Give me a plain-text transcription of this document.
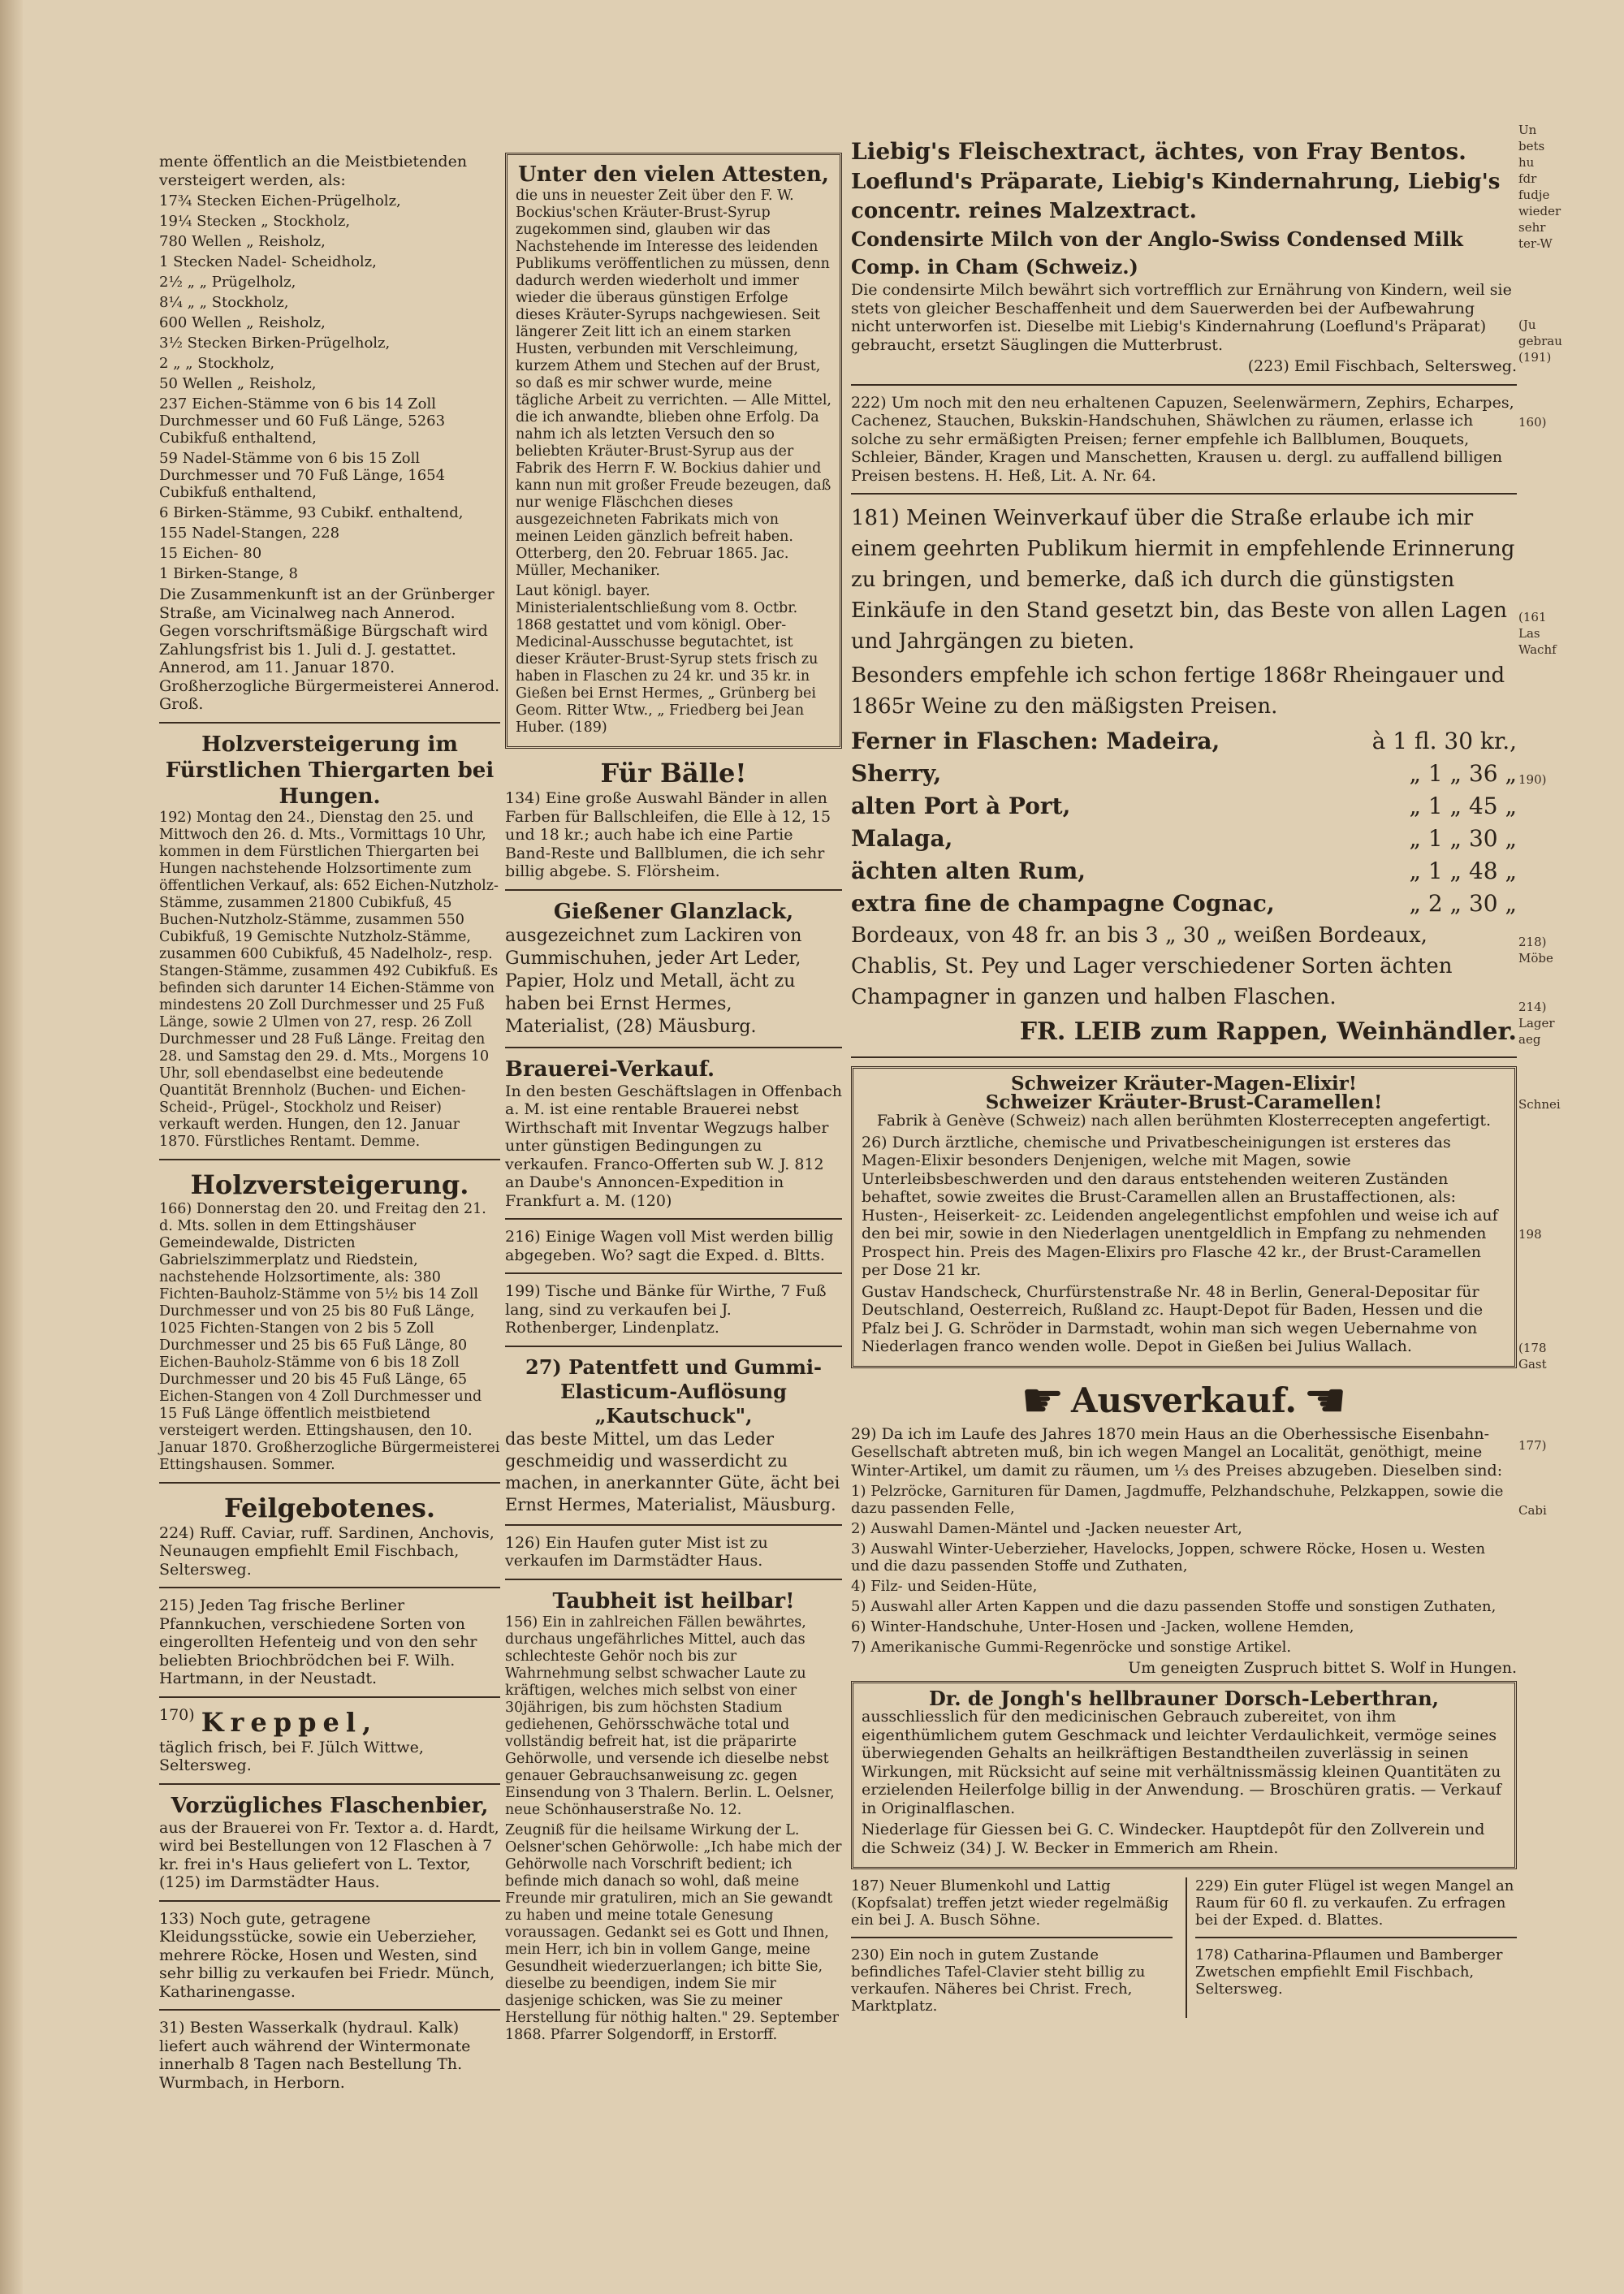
mente öffentlich an die Meistbietenden versteigert werden, als:

17¾ Stecken Eichen-Prügelholz,

19¼ Stecken „ Stockholz,

780 Wellen „ Reisholz,

1 Stecken Nadel- Scheidholz,

2½ „ „ Prügelholz,

8¼ „ „ Stockholz,

600 Wellen „ Reisholz,

3½ Stecken Birken-Prügelholz,

2 „ „ Stockholz,

50 Wellen „ Reisholz,

237 Eichen-Stämme von 6 bis 14 Zoll Durchmesser und 60 Fuß Länge, 5263 Cubikfuß enthaltend,

59 Nadel-Stämme von 6 bis 15 Zoll Durchmesser und 70 Fuß Länge, 1654 Cubikfuß enthaltend,

6 Birken-Stämme, 93 Cubikf. enthaltend,

155 Nadel-Stangen, 228

15 Eichen- 80

1 Birken-Stange, 8

Die Zusammenkunft ist an der Grünberger Straße, am Vicinalweg nach Annerod. Gegen vorschriftsmäßige Bürgschaft wird Zahlungsfrist bis 1. Juli d. J. gestattet. Annerod, am 11. Januar 1870. Großherzogliche Bürgermeisterei Annerod. Groß.

Holzversteigerung im Fürstlichen Thiergarten bei Hungen.

192) Montag den 24., Dienstag den 25. und Mittwoch den 26. d. Mts., Vormittags 10 Uhr, kommen in dem Fürstlichen Thiergarten bei Hungen nachstehende Holzsortimente zum öffentlichen Verkauf, als: 652 Eichen-Nutzholz-Stämme, zusammen 21800 Cubikfuß, 45 Buchen-Nutzholz-Stämme, zusammen 550 Cubikfuß, 19 Gemischte Nutzholz-Stämme, zusammen 600 Cubikfuß, 45 Nadelholz-, resp. Stangen-Stämme, zusammen 492 Cubikfuß. Es befinden sich darunter 14 Eichen-Stämme von mindestens 20 Zoll Durchmesser und 25 Fuß Länge, sowie 2 Ulmen von 27, resp. 26 Zoll Durchmesser und 28 Fuß Länge. Freitag den 28. und Samstag den 29. d. Mts., Morgens 10 Uhr, soll ebendaselbst eine bedeutende Quantität Brennholz (Buchen- und Eichen-Scheid-, Prügel-, Stockholz und Reiser) verkauft werden. Hungen, den 12. Januar 1870. Fürstliches Rentamt. Demme.

Holzversteigerung.

166) Donnerstag den 20. und Freitag den 21. d. Mts. sollen in dem Ettingshäuser Gemeindewalde, Districten Gabrielszimmerplatz und Riedstein, nachstehende Holzsortimente, als: 380 Fichten-Bauholz-Stämme von 5½ bis 14 Zoll Durchmesser und von 25 bis 80 Fuß Länge, 1025 Fichten-Stangen von 2 bis 5 Zoll Durchmesser und 25 bis 65 Fuß Länge, 80 Eichen-Bauholz-Stämme von 6 bis 18 Zoll Durchmesser und 20 bis 45 Fuß Länge, 65 Eichen-Stangen von 4 Zoll Durchmesser und 15 Fuß Länge öffentlich meistbietend versteigert werden. Ettingshausen, den 10. Januar 1870. Großherzogliche Bürgermeisterei Ettingshausen. Sommer.

Feilgebotenes.

224) Ruff. Caviar, ruff. Sardinen, Anchovis, Neunaugen empfiehlt Emil Fischbach, Seltersweg.

215) Jeden Tag frische Berliner Pfannkuchen, verschiedene Sorten von eingerollten Hefenteig und von den sehr beliebten Briochbrödchen bei F. Wilh. Hartmann, in der Neustadt.

170) Kreppel,

täglich frisch, bei F. Jülch Wittwe, Seltersweg.

Vorzügliches Flaschenbier,

aus der Brauerei von Fr. Textor a. d. Hardt, wird bei Bestellungen von 12 Flaschen à 7 kr. frei in's Haus geliefert von L. Textor, (125) im Darmstädter Haus.

133) Noch gute, getragene Kleidungsstücke, sowie ein Ueberzieher, mehrere Röcke, Hosen und Westen, sind sehr billig zu verkaufen bei Friedr. Münch, Katharinengasse.

31) Besten Wasserkalk (hydraul. Kalk) liefert auch während der Wintermonate innerhalb 8 Tagen nach Bestellung Th. Wurmbach, in Herborn.

Unter den vielen Attesten,

die uns in neuester Zeit über den F. W. Bockius'schen Kräuter-Brust-Syrup zugekommen sind, glauben wir das Nachstehende im Interesse des leidenden Publikums veröffentlichen zu müssen, denn dadurch werden wiederholt und immer wieder die überaus günstigen Erfolge dieses Kräuter-Syrups nachgewiesen. Seit längerer Zeit litt ich an einem starken Husten, verbunden mit Verschleimung, kurzem Athem und Stechen auf der Brust, so daß es mir schwer wurde, meine tägliche Arbeit zu verrichten. — Alle Mittel, die ich anwandte, blieben ohne Erfolg. Da nahm ich als letzten Versuch den so beliebten Kräuter-Brust-Syrup aus der Fabrik des Herrn F. W. Bockius dahier und kann nun mit großer Freude bezeugen, daß nur wenige Fläschchen dieses ausgezeichneten Fabrikats mich von meinen Leiden gänzlich befreit haben. Otterberg, den 20. Februar 1865. Jac. Müller, Mechaniker.

Laut königl. bayer. Ministerialentschließung vom 8. Octbr. 1868 gestattet und vom königl. Ober-Medicinal-Ausschusse begutachtet, ist dieser Kräuter-Brust-Syrup stets frisch zu haben in Flaschen zu 24 kr. und 35 kr. in Gießen bei Ernst Hermes, „ Grünberg bei Geom. Ritter Wtw., „ Friedberg bei Jean Huber. (189)

Für Bälle!

134) Eine große Auswahl Bänder in allen Farben für Ballschleifen, die Elle à 12, 15 und 18 kr.; auch habe ich eine Partie Band-Reste und Ballblumen, die ich sehr billig abgebe. S. Flörsheim.

Gießener Glanzlack,

ausgezeichnet zum Lackiren von Gummischuhen, jeder Art Leder, Papier, Holz und Metall, ächt zu haben bei Ernst Hermes, Materialist, (28) Mäusburg.

Brauerei-Verkauf.

In den besten Geschäftslagen in Offenbach a. M. ist eine rentable Brauerei nebst Wirthschaft mit Inventar Wegzugs halber unter günstigen Bedingungen zu verkaufen. Franco-Offerten sub W. J. 812 an Daube's Annoncen-Expedition in Frankfurt a. M. (120)

216) Einige Wagen voll Mist werden billig abgegeben. Wo? sagt die Exped. d. Bltts.

199) Tische und Bänke für Wirthe, 7 Fuß lang, sind zu verkaufen bei J. Rothenberger, Lindenplatz.

27) Patentfett und Gummi-Elasticum-Auflösung „Kautschuck",

das beste Mittel, um das Leder geschmeidig und wasserdicht zu machen, in anerkannter Güte, ächt bei Ernst Hermes, Materialist, Mäusburg.

126) Ein Haufen guter Mist ist zu verkaufen im Darmstädter Haus.

Taubheit ist heilbar!

156) Ein in zahlreichen Fällen bewährtes, durchaus ungefährliches Mittel, auch das schlechteste Gehör noch bis zur Wahrnehmung selbst schwacher Laute zu kräftigen, welches mich selbst von einer 30jährigen, bis zum höchsten Stadium gediehenen, Gehörsschwäche total und vollständig befreit hat, ist die präparirte Gehörwolle, und versende ich dieselbe nebst genauer Gebrauchsanweisung zc. gegen Einsendung von 3 Thalern. Berlin. L. Oelsner, neue Schönhauserstraße No. 12.

Zeugniß für die heilsame Wirkung der L. Oelsner'schen Gehörwolle: „Ich habe mich der Gehörwolle nach Vorschrift bedient; ich befinde mich danach so wohl, daß meine Freunde mir gratuliren, mich an Sie gewandt zu haben und meine totale Genesung voraussagen. Gedankt sei es Gott und Ihnen, mein Herr, ich bin in vollem Gange, meine Gesundheit wiederzuerlangen; ich bitte Sie, dieselbe zu beendigen, indem Sie mir dasjenige schicken, was Sie zu meiner Herstellung für nöthig halten." 29. September 1868. Pfarrer Solgendorff, in Erstorff.

Liebig's Fleischextract, ächtes, von Fray Bentos.
Loeflund's Präparate, Liebig's Kindernahrung, Liebig's concentr. reines Malzextract.
Condensirte Milch von der Anglo-Swiss Condensed Milk Comp. in Cham (Schweiz.)

Die condensirte Milch bewährt sich vortrefflich zur Ernährung von Kindern, weil sie stets von gleicher Beschaffenheit und dem Sauerwerden bei der Aufbewahrung nicht unterworfen ist. Dieselbe mit Liebig's Kindernahrung (Loeflund's Präparat) gebraucht, ersetzt Säuglingen die Mutterbrust.

(223) Emil Fischbach, Seltersweg.

222) Um noch mit den neu erhaltenen Capuzen, Seelenwärmern, Zephirs, Echarpes, Cachenez, Stauchen, Bukskin-Handschuhen, Shäwlchen zu räumen, erlasse ich solche zu sehr ermäßigten Preisen; ferner empfehle ich Ballblumen, Bouquets, Schleier, Bänder, Kragen und Manschetten, Krausen u. dergl. zu auffallend billigen Preisen bestens. H. Heß, Lit. A. Nr. 64.

181) Meinen Weinverkauf über die Straße erlaube ich mir einem geehrten Publikum hiermit in empfehlende Erinnerung zu bringen, und bemerke, daß ich durch die günstigsten Einkäufe in den Stand gesetzt bin, das Beste von allen Lagen und Jahrgängen zu bieten.

Besonders empfehle ich schon fertige 1868r Rheingauer und 1865r Weine zu den mäßigsten Preisen.

Ferner in Flaschen: Madeira,	à 1 fl. 30 kr.,
Sherry,	„ 1 „ 36 „
alten Port à Port,	„ 1 „ 45 „
Malaga,	„ 1 „ 30 „
ächten alten Rum,	„ 1 „ 48 „
extra fine de champagne Cognac,	„ 2 „ 30 „

Bordeaux, von 48 fr. an bis 3 „ 30 „ weißen Bordeaux, Chablis, St. Pey und Lager verschiedener Sorten ächten Champagner in ganzen und halben Flaschen.

FR. LEIB zum Rappen, Weinhändler.

Schweizer Kräuter-Magen-Elixir!
Schweizer Kräuter-Brust-Caramellen!

Fabrik à Genève (Schweiz) nach allen berühmten Klosterrecepten angefertigt.

26) Durch ärztliche, chemische und Privatbescheinigungen ist ersteres das Magen-Elixir besonders Denjenigen, welche mit Magen, sowie Unterleibsbeschwerden und den daraus entstehenden weiteren Zuständen behaftet, sowie zweites die Brust-Caramellen allen an Brustaffectionen, als: Husten-, Heiserkeit- zc. Leidenden angelegentlichst empfohlen und weise ich auf den bei mir, sowie in den Niederlagen unentgeldlich in Empfang zu nehmenden Prospect hin. Preis des Magen-Elixirs pro Flasche 42 kr., der Brust-Caramellen per Dose 21 kr.

Gustav Handscheck, Churfürstenstraße Nr. 48 in Berlin, General-Depositar für Deutschland, Oesterreich, Rußland zc. Haupt-Depot für Baden, Hessen und die Pfalz bei J. G. Schröder in Darmstadt, wohin man sich wegen Uebernahme von Niederlagen franco wenden wolle. Depot in Gießen bei Julius Wallach.

☛ Ausverkauf. ☚

29) Da ich im Laufe des Jahres 1870 mein Haus an die Oberhessische Eisenbahn-Gesellschaft abtreten muß, bin ich wegen Mangel an Localität, genöthigt, meine Winter-Artikel, um damit zu räumen, um ⅓ des Preises abzugeben. Dieselben sind:

1) Pelzröcke, Garnituren für Damen, Jagdmuffe, Pelzhandschuhe, Pelzkappen, sowie die dazu passenden Felle,

2) Auswahl Damen-Mäntel und -Jacken neuester Art,

3) Auswahl Winter-Ueberzieher, Havelocks, Joppen, schwere Röcke, Hosen u. Westen und die dazu passenden Stoffe und Zuthaten,

4) Filz- und Seiden-Hüte,

5) Auswahl aller Arten Kappen und die dazu passenden Stoffe und sonstigen Zuthaten,

6) Winter-Handschuhe, Unter-Hosen und -Jacken, wollene Hemden,

7) Amerikanische Gummi-Regenröcke und sonstige Artikel.

Um geneigten Zuspruch bittet S. Wolf in Hungen.

Dr. de Jongh's hellbrauner Dorsch-Leberthran,

ausschliesslich für den medicinischen Gebrauch zubereitet, von ihm eigenthümlichem gutem Geschmack und leichter Verdaulichkeit, vermöge seines überwiegenden Gehalts an heilkräftigen Bestandtheilen zuverlässig in seinen Wirkungen, mit Rücksicht auf seine mit verhältnissmässig kleinen Quantitäten zu erzielenden Heilerfolge billig in der Anwendung. — Broschüren gratis. — Verkauf in Originalflaschen.

Niederlage für Giessen bei G. C. Windecker. Hauptdepôt für den Zollverein und die Schweiz (34) J. W. Becker in Emmerich am Rhein.

187) Neuer Blumenkohl und Lattig (Kopfsalat) treffen jetzt wieder regelmäßig ein bei J. A. Busch Söhne.

230) Ein noch in gutem Zustande befindliches Tafel-Clavier steht billig zu verkaufen. Näheres bei Christ. Frech, Marktplatz.

229) Ein guter Flügel ist wegen Mangel an Raum für 60 fl. zu verkaufen. Zu erfragen bei der Exped. d. Blattes.

178) Catharina-Pflaumen und Bamberger Zwetschen empfiehlt Emil Fischbach, Seltersweg.

Un
bets
hu
fdr
fudje
wieder
sehr
ter-W
(Ju
gebrau
(191)
160)
(161
Las
Wachf
190)
218)
Möbe
214)
Lager
aeg
Schnei
198
(178
Gast
177)
Cabi
